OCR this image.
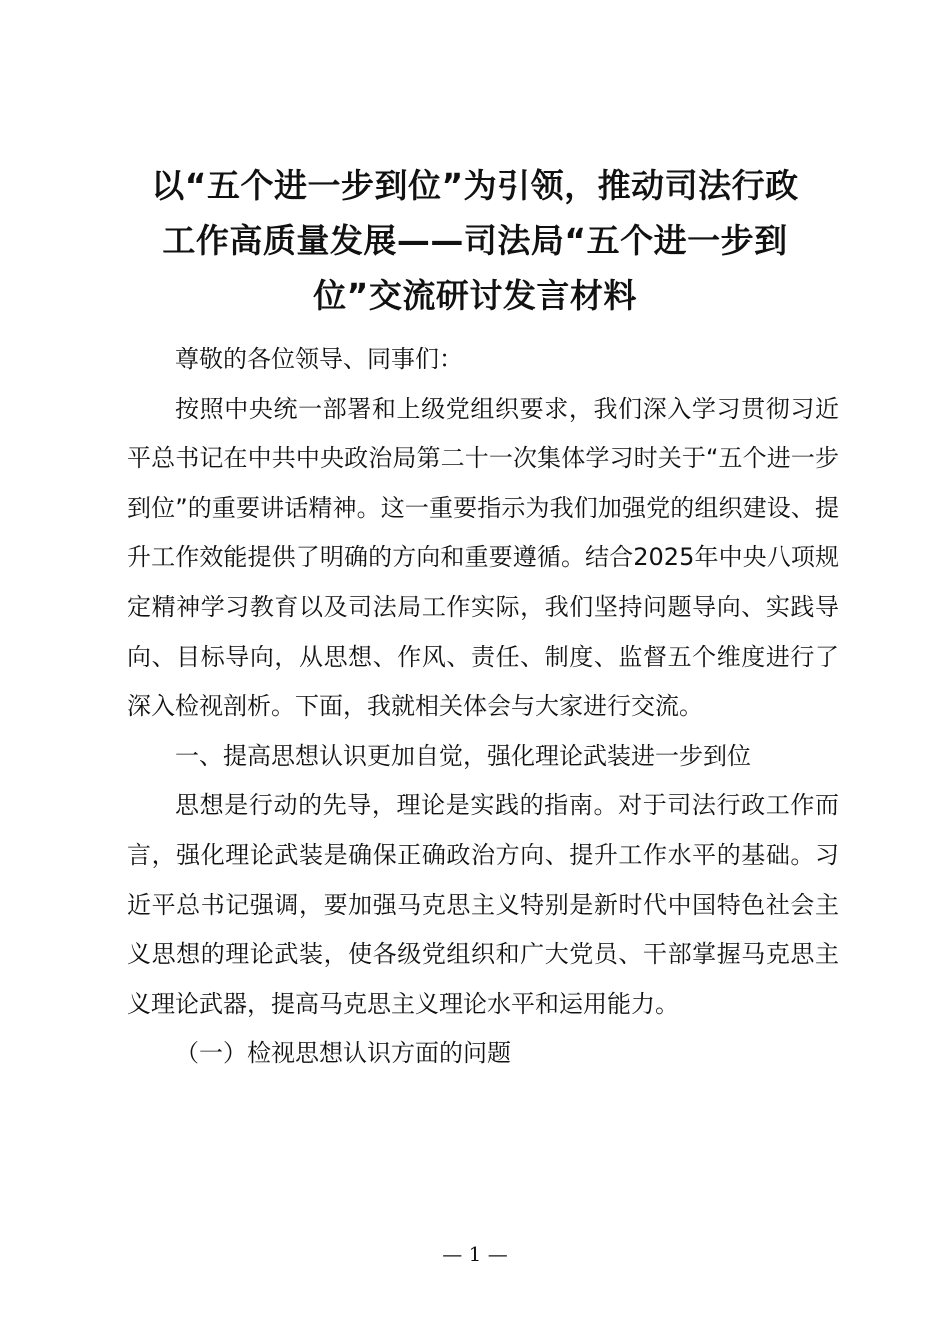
以“五个进一步到位”为引领，推动司法行政
工作高质量发展——司法局“五个进一步到
位”交流研讨发言材料

尊敬的各位领导、同事们：

按照中央统一部署和上级党组织要求，我们深入学习贯彻习近平总书记在中共中央政治局第二十一次集体学习时关于“五个进一步到位”的重要讲话精神。这一重要指示为我们加强党的组织建设、提升工作效能提供了明确的方向和重要遵循。结合2025年中央八项规定精神学习教育以及司法局工作实际，我们坚持问题导向、实践导向、目标导向，从思想、作风、责任、制度、监督五个维度进行了深入检视剖析。下面，我就相关体会与大家进行交流。

一、提高思想认识更加自觉，强化理论武装进一步到位

思想是行动的先导，理论是实践的指南。对于司法行政工作而言，强化理论武装是确保正确政治方向、提升工作水平的基础。习近平总书记强调，要加强马克思主义特别是新时代中国特色社会主义思想的理论武装，使各级党组织和广大党员、干部掌握马克思主义理论武器，提高马克思主义理论水平和运用能力。

（一）检视思想认识方面的问题

— 1 —
